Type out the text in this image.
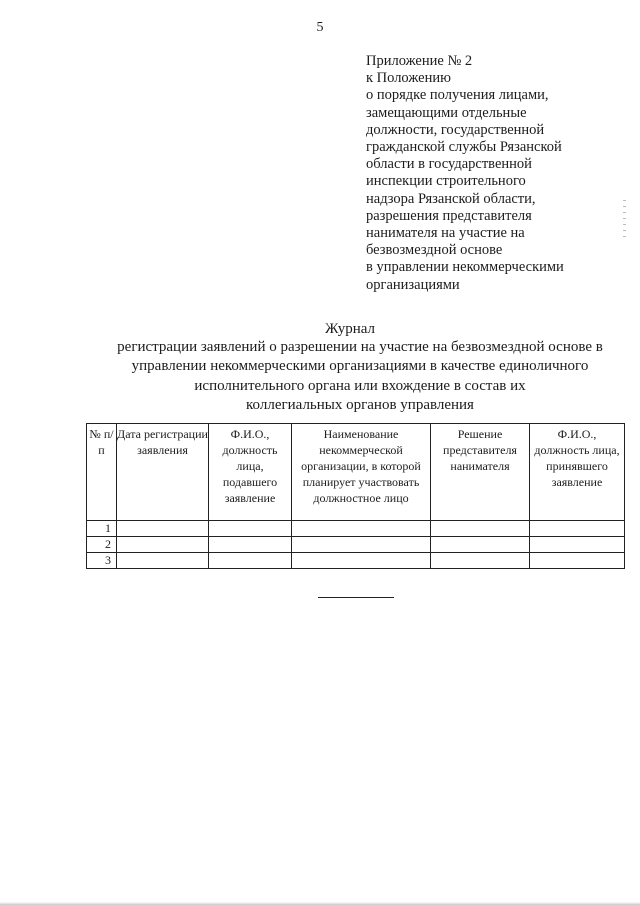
5
Приложение № 2
к Положению
о порядке получения лицами,
замещающими отдельные
должности, государственной
гражданской службы Рязанской
области в государственной
инспекции строительного
надзора Рязанской области,
разрешения представителя
нанимателя на участие на
безвозмездной основе
в управлении некоммерческими
организациями
Журнал
регистрации заявлений о разрешении на участие на безвозмездной основе в
управлении некоммерческими организациями в качестве единоличного
исполнительного органа или вхождение в состав их
коллегиальных органов управления
№ п/п	Дата регистрации заявления	Ф.И.О., должность лица, подавшего заявление	Наименование некоммерческой организации, в которой планирует участвовать должностное лицо	Решение представителя нанимателя	Ф.И.О., должность лица, принявшего заявление
1					
2					
3					
